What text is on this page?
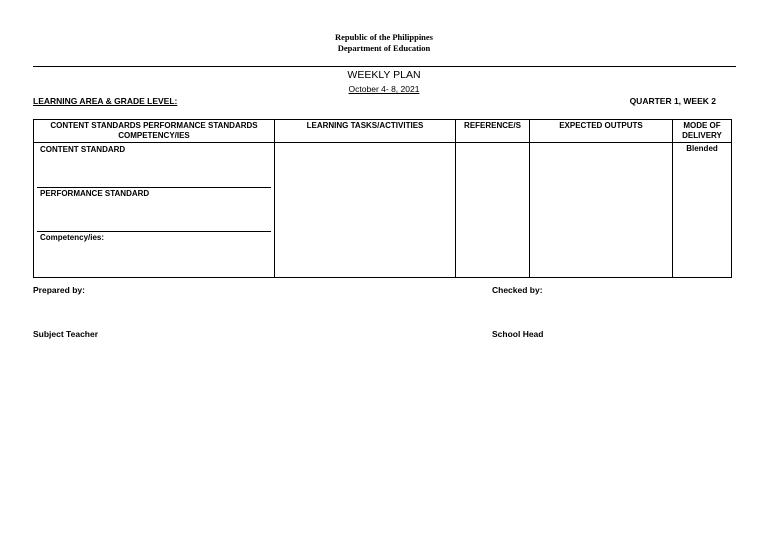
Republic of the Philippines
Department of Education
WEEKLY PLAN
October 4- 8, 2021
LEARNING AREA & GRADE LEVEL:	QUARTER 1, WEEK 2
CONTENT STANDARDS PERFORMANCE STANDARDS COMPETENCY/IES	LEARNING TASKS/ACTIVITIES	REFERENCE/S	EXPECTED OUTPUTS	MODE OF DELIVERY

CONTENT STANDARD
PERFORMANCE STANDARD
Competency/ies:				Blended
Prepared by:	Checked by:
Subject Teacher	School Head
